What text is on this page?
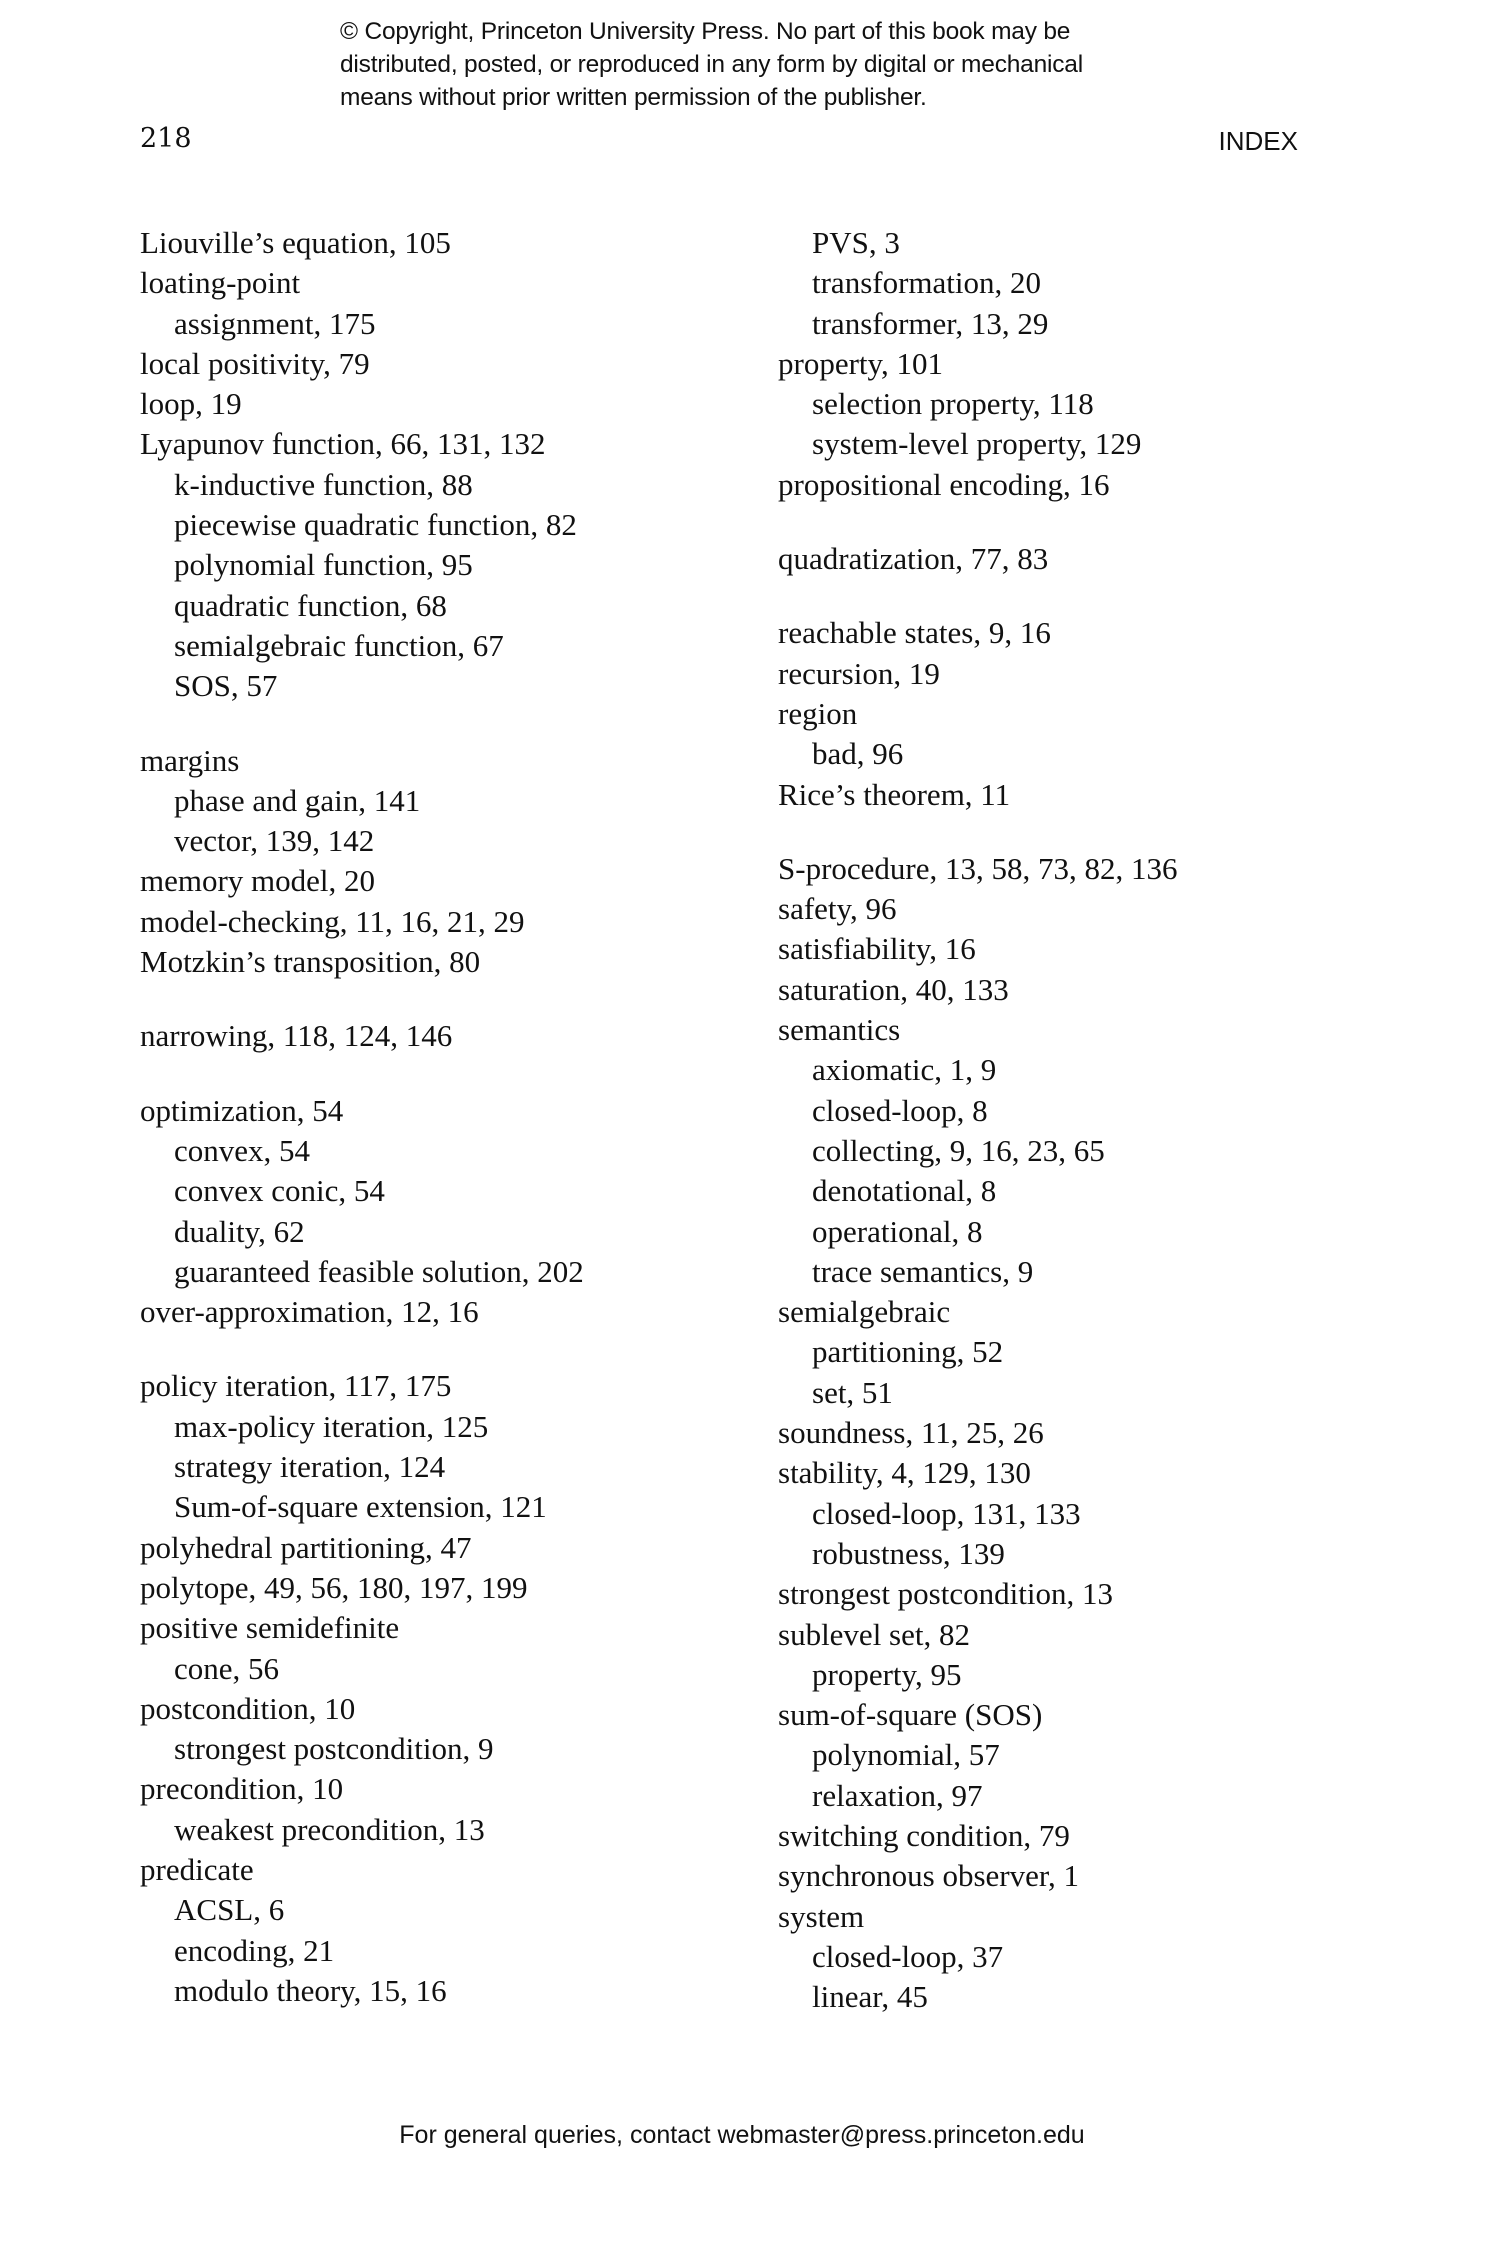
© Copyright, Princeton University Press. No part of this book may be
distributed, posted, or reproduced in any form by digital or mechanical
means without prior written permission of the publisher.
218	INDEX
Liouville’s equation, 105
loating-point
assignment, 175
local positivity, 79
loop, 19
Lyapunov function, 66, 131, 132
k-inductive function, 88
piecewise quadratic function, 82
polynomial function, 95
quadratic function, 68
semialgebraic function, 67
SOS, 57
margins
phase and gain, 141
vector, 139, 142
memory model, 20
model-checking, 11, 16, 21, 29
Motzkin’s transposition, 80
narrowing, 118, 124, 146
optimization, 54
convex, 54
convex conic, 54
duality, 62
guaranteed feasible solution, 202
over-approximation, 12, 16
policy iteration, 117, 175
max-policy iteration, 125
strategy iteration, 124
Sum-of-square extension, 121
polyhedral partitioning, 47
polytope, 49, 56, 180, 197, 199
positive semidefinite
cone, 56
postcondition, 10
strongest postcondition, 9
precondition, 10
weakest precondition, 13
predicate
ACSL, 6
encoding, 21
modulo theory, 15, 16
PVS, 3
transformation, 20
transformer, 13, 29
property, 101
selection property, 118
system-level property, 129
propositional encoding, 16
quadratization, 77, 83
reachable states, 9, 16
recursion, 19
region
bad, 96
Rice’s theorem, 11
S-procedure, 13, 58, 73, 82, 136
safety, 96
satisfiability, 16
saturation, 40, 133
semantics
axiomatic, 1, 9
closed-loop, 8
collecting, 9, 16, 23, 65
denotational, 8
operational, 8
trace semantics, 9
semialgebraic
partitioning, 52
set, 51
soundness, 11, 25, 26
stability, 4, 129, 130
closed-loop, 131, 133
robustness, 139
strongest postcondition, 13
sublevel set, 82
property, 95
sum-of-square (SOS)
polynomial, 57
relaxation, 97
switching condition, 79
synchronous observer, 1
system
closed-loop, 37
linear, 45
For general queries, contact webmaster@press.princeton.edu
